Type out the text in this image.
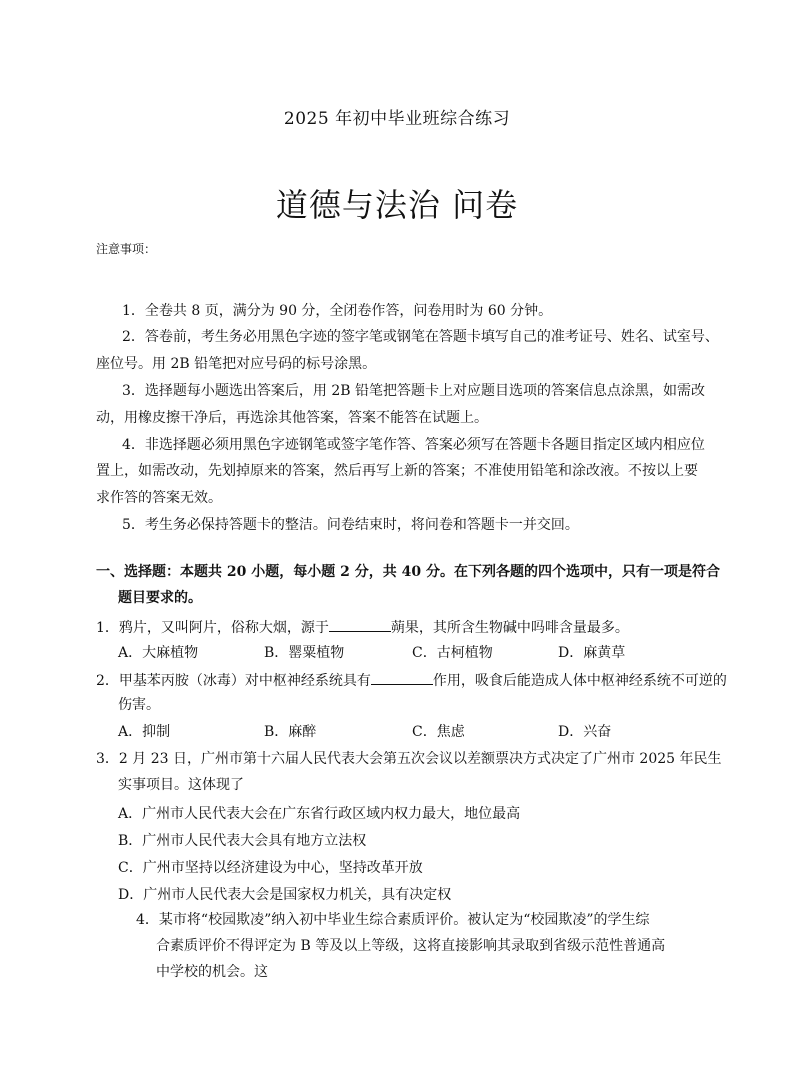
2025 年初中毕业班综合练习
道德与法治 问卷
注意事项：
1．全卷共 8 页，满分为 90 分，全闭卷作答，问卷用时为 60 分钟。
2．答卷前，考生务必用黑色字迹的签字笔或钢笔在答题卡填写自己的准考证号、姓名、试室号、
座位号。用 2B 铅笔把对应号码的标号涂黑。
3．选择题每小题选出答案后，用 2B 铅笔把答题卡上对应题目选项的答案信息点涂黑，如需改
动，用橡皮擦干净后，再选涂其他答案，答案不能答在试题上。
4．非选择题必须用黑色字迹钢笔或签字笔作答、答案必须写在答题卡各题目指定区域内相应位
置上，如需改动，先划掉原来的答案，然后再写上新的答案；不准使用铅笔和涂改液。不按以上要
求作答的答案无效。
5．考生务必保持答题卡的整洁。问卷结束时，将问卷和答题卡一并交回。
一、选择题：本题共 20 小题，每小题 2 分，共 40 分。在下列各题的四个选项中，只有一项是符合
题目要求的。
1．鸦片，又叫阿片，俗称大烟，源于	蒴果，其所含生物碱中吗啡含量最多。
A．大麻植物	B．罂粟植物	C．古柯植物	D．麻黄草
2．甲基苯丙胺（冰毒）对中枢神经系统具有	作用，吸食后能造成人体中枢神经系统不可逆的
伤害。
A．抑制	B．麻醉	C．焦虑	D．兴奋
3．2 月 23 日，广州市第十六届人民代表大会第五次会议以差额票决方式决定了广州市 2025 年民生
实事项目。这体现了
A．广州市人民代表大会在广东省行政区域内权力最大，地位最高
B．广州市人民代表大会具有地方立法权
C．广州市坚持以经济建设为中心，坚持改革开放
D．广州市人民代表大会是国家权力机关，具有决定权
4．某市将“校园欺凌”纳入初中毕业生综合素质评价。被认定为“校园欺凌”的学生综
合素质评价不得评定为 B 等及以上等级，这将直接影响其录取到省级示范性普通高
中学校的机会。这
